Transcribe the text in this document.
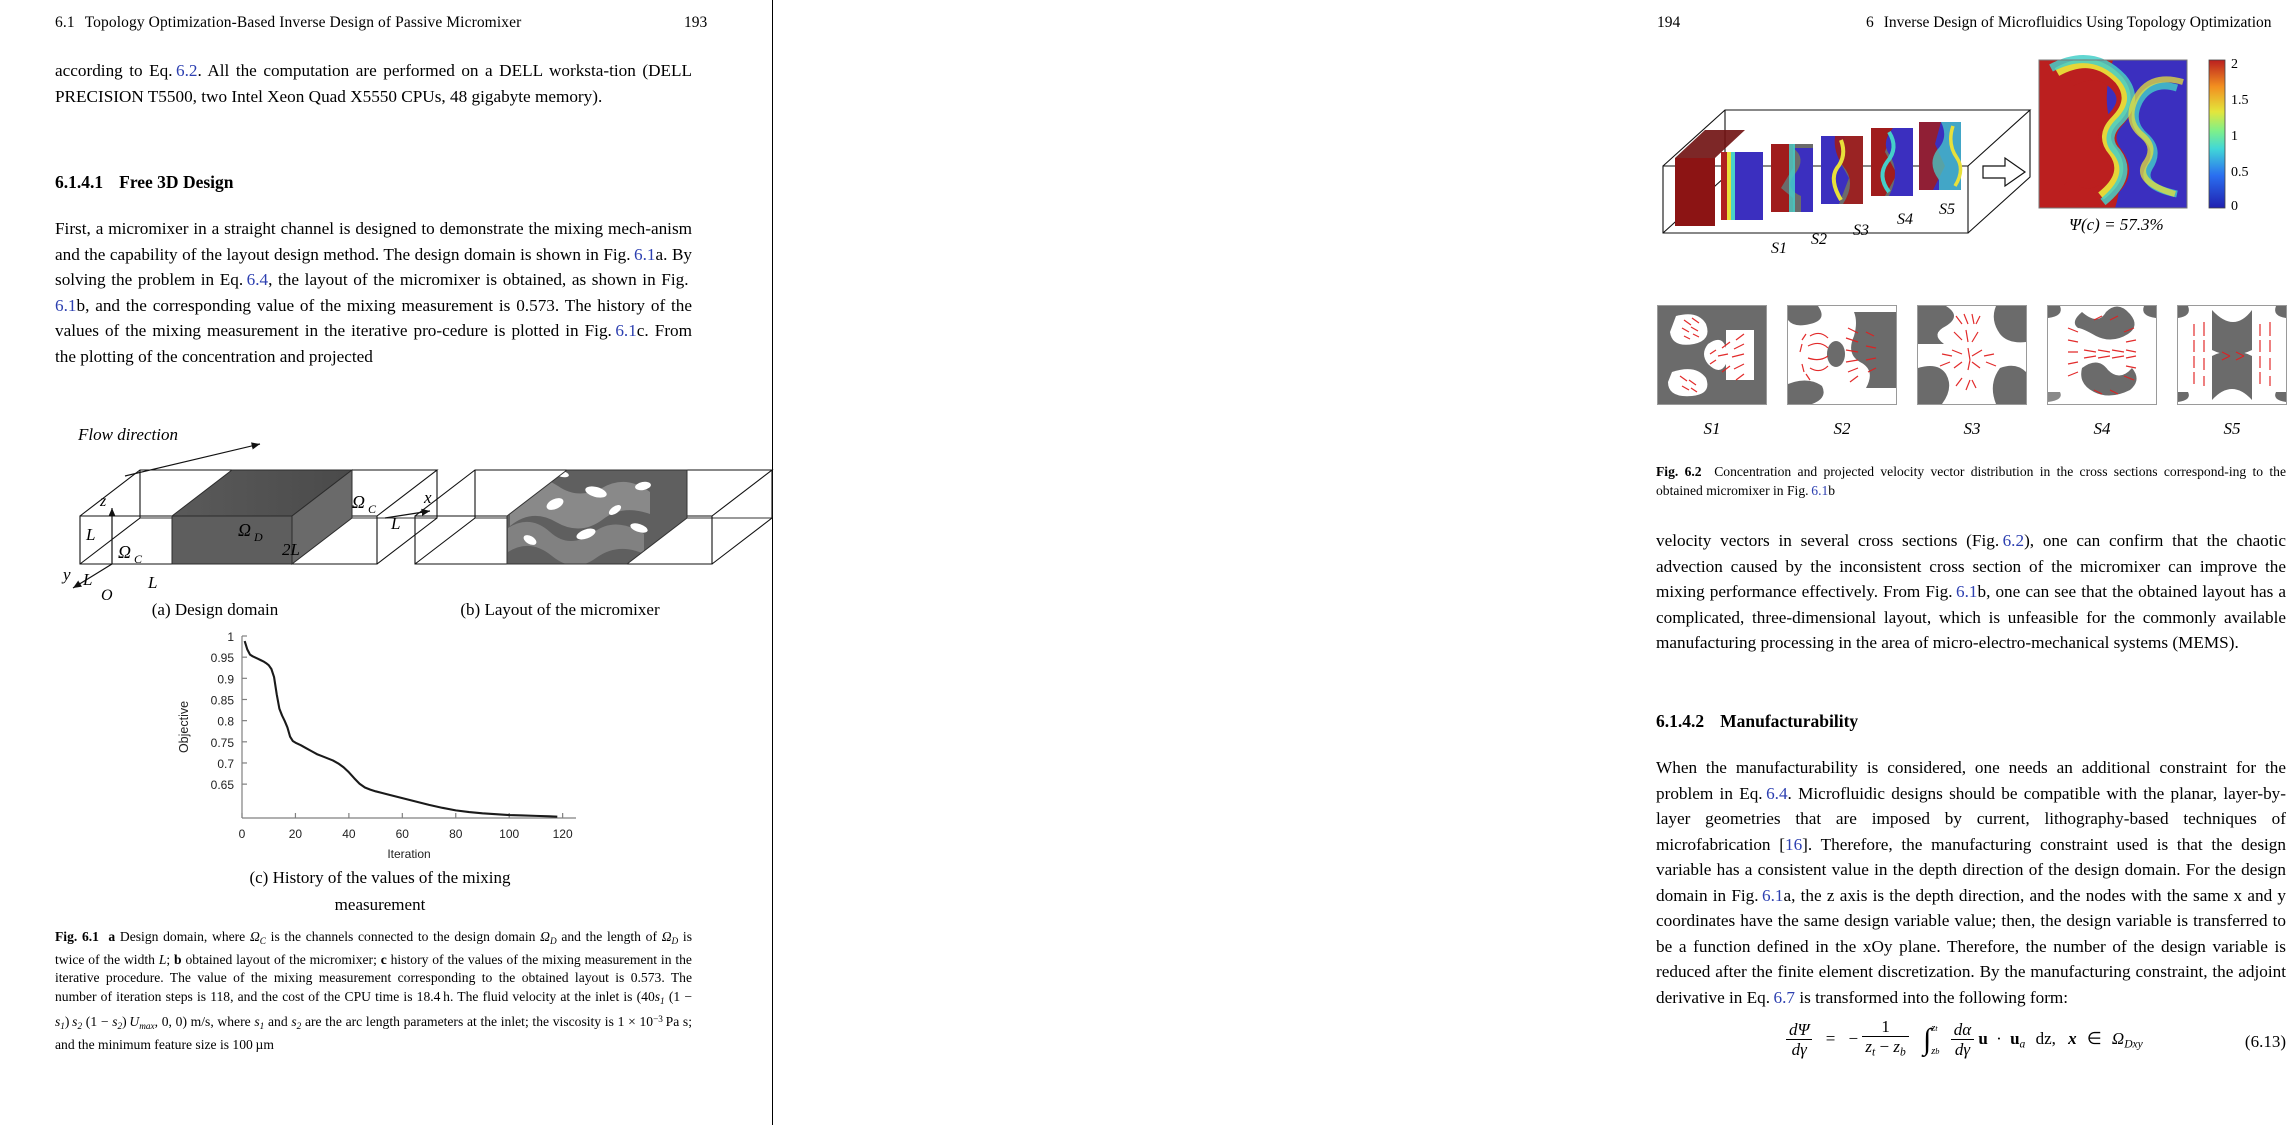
6.1 Topology Optimization-Based Inverse Design of Passive Micromixer	193

according to Eq.  6.2. All the computation are performed on a DELL worksta-tion (DELL PRECISION T5500, two Intel Xeon Quad X5550 CPUs, 48 gigabyte memory).

6.1.4.1 Free 3D Design

First, a micromixer in a straight channel is designed to demonstrate the mixing mech-anism and the capability of the layout design method. The design domain is shown in Fig.  6.1a. By solving the problem in Eq.  6.4, the layout of the micromixer is obtained, as shown in Fig. 6.1b, and the corresponding value of the mixing measurement is 0.573. The history of the values of the mixing measurement in the iterative pro-cedure is plotted in Fig.  6.1c. From the plotting of the concentration and projected

Flow direction
z
y
x
O
L
L	L
L
2L
Ω D
Ω C
Ω C
(a) Design domain	(b) Layout of the micromixer
0.65
0.7
0.75
0.8
0.85
0.9
0.95
1
0	20	40	60	80	100	120
Iteration
Objective
(c) History of the values of the mixing
measurement
Fig. 6.1 a Design domain, where $\Omega_C$ is the channels connected to the design domain $\Omega_D$ and the length of $\Omega_D$ is twice of the width L; b obtained layout of the micromixer; c history of the values of the mixing measurement in the iterative procedure. The value of the mixing measurement corresponding to the obtained layout is 0.573. The number of iteration steps is 118, and the cost of the CPU time is 18.4 h. The fluid velocity at the inlet is ($40s_1$ $(1 - s_1)$ $s_2$ $(1 - s_2)$ $U_{max}$, 0, 0) m/s, where $s_1$ and $s_2$ are the arc length parameters at the inlet; the viscosity is $1 \times 10^{-3}$ Pa s; and the minimum feature size is 100 µm
194	6 Inverse Design of Microfluidics Using Topology Optimization
S1
S2
S3
S4
S5
2
1.5
1
0.5
0
Ψ(c) = 57.3%
S1	S2	S3	S4	S5
Fig. 6.2 Concentration and projected velocity vector distribution in the cross sections correspond-ing to the obtained micromixer in Fig.  6.1b

velocity vectors in several cross sections (Fig.  6.2), one can confirm that the chaotic advection caused by the inconsistent cross section of the micromixer can improve the mixing performance effectively. From Fig.  6.1b, one can see that the obtained layout has a complicated, three-dimensional layout, which is unfeasible for the commonly available manufacturing processing in the area of micro-electro-mechanical systems (MEMS).

6.1.4.2 Manufacturability

When the manufacturability is considered, one needs an additional constraint for the problem in Eq.  6.4. Microfluidic designs should be compatible with the planar, layer-by-layer geometries that are imposed by current, lithography-based techniques of microfabrication [16]. Therefore, the manufacturing constraint used is that the design variable has a consistent value in the depth direction of the design domain. For the design domain in Fig.  6.1a, the z axis is the depth direction, and the nodes with the same x and y coordinates have the same design variable value; then, the design variable is transferred to be a function defined in the xOy plane. Therefore, the number of the design variable is reduced after the finite element discretization. By the manufacturing constraint, the adjoint derivative in Eq.  6.7 is transformed into the following form:

$\frac{d\Psi}{d\gamma}$ = − $\frac{1}{z_t - z_b}$ ∫ zt
zb
$\frac{d\alpha}{d\gamma}$ $u \cdot u_a$ dz, x ∈ $\Omega_{Dxy}$	(6.13)
